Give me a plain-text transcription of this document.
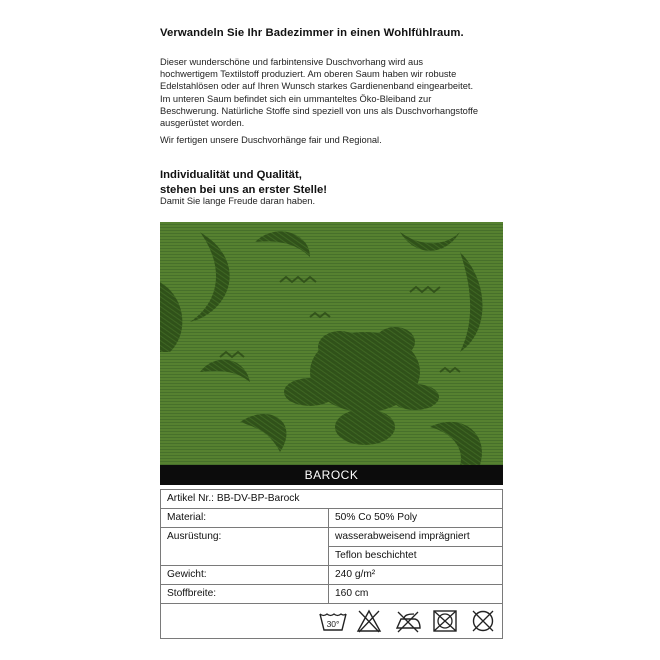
Verwandeln Sie Ihr Badezimmer in einen Wohlfühlraum.
Dieser wunderschöne und farbintensive Duschvorhang wird aus
hochwertigem Textilstoff produziert. Am oberen Saum haben wir robuste
Edelstahlösen oder auf Ihren Wunsch starkes Gardienenband eingearbeitet.
Im unteren Saum befindet sich ein ummanteltes Öko-Bleiband zur
Beschwerung. Natürliche Stoffe sind speziell von uns als Duschvorhangstoffe
ausgerüstet worden.
Wir fertigen unsere Duschvorhänge fair und Regional.
Individualität und Qualität,
stehen bei uns an erster Stelle!
Damit Sie lange Freude daran haben.
BAROCK
Artikel Nr.: BB-DV-BP-Barock	
Material:	50% Co 50% Poly
Ausrüstung:	wasserabweisend imprägniert
	Teflon beschichtet
Gewicht:	240 g/m²
Stoffbreite:	160 cm

30°	
